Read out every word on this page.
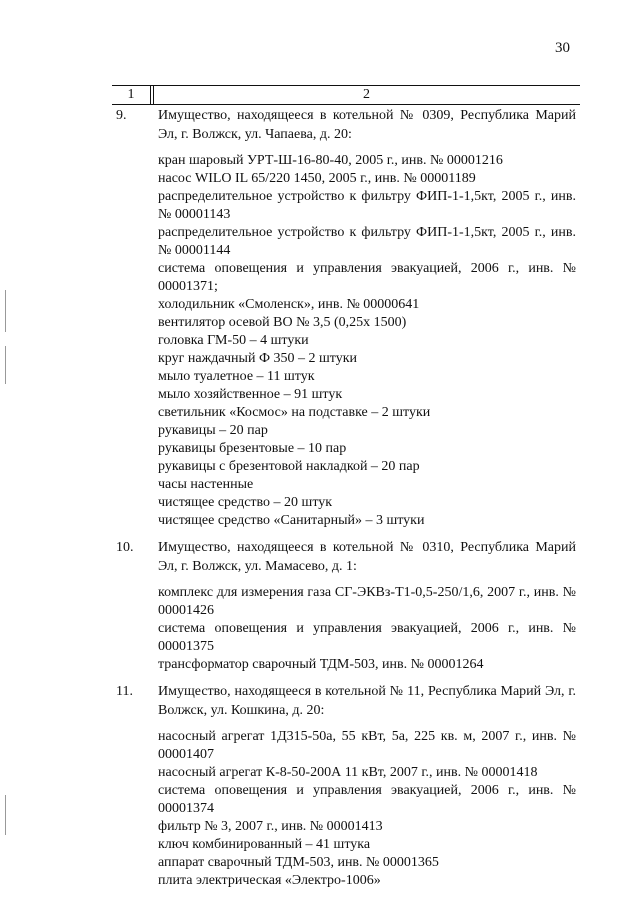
30
1	2
9. Имущество, находящееся в котельной № 0309, Республика Марий Эл, г. Волжск, ул. Чапаева, д. 20:
кран шаровый УРТ-Ш-16-80-40, 2005 г., инв. № 00001216
насос WILO IL 65/220 1450, 2005 г., инв. № 00001189
распределительное устройство к фильтру ФИП-1-1,5кт, 2005 г., инв. № 00001143
распределительное устройство к фильтру ФИП-1-1,5кт, 2005 г., инв. № 00001144
система оповещения и управления эвакуацией, 2006 г., инв. № 00001371;
холодильник «Смоленск», инв. № 00000641
вентилятор осевой ВО № 3,5 (0,25х 1500)
головка ГМ-50 – 4 штуки
круг наждачный Ф 350 – 2 штуки
мыло туалетное – 11 штук
мыло хозяйственное – 91 штук
светильник «Космос» на подставке – 2 штуки
рукавицы – 20 пар
рукавицы брезентовые – 10 пар
рукавицы с брезентовой накладкой – 20 пар
часы настенные
чистящее средство – 20 штук
чистящее средство «Санитарный» – 3 штуки
10. Имущество, находящееся в котельной № 0310, Республика Марий Эл, г. Волжск, ул. Мамасево, д. 1:
комплекс для измерения газа СГ-ЭКВз-Т1-0,5-250/1,6, 2007 г., инв. № 00001426
система оповещения и управления эвакуацией, 2006 г., инв. № 00001375
трансформатор сварочный ТДМ-503, инв. № 00001264
11. Имущество, находящееся в котельной № 11, Республика Марий Эл, г. Волжск, ул. Кошкина, д. 20:
насосный агрегат 1Д315-50а, 55 кВт, 5а, 225 кв. м, 2007 г., инв. № 00001407
насосный агрегат К-8-50-200А 11 кВт, 2007 г., инв. № 00001418
система оповещения и управления эвакуацией, 2006 г., инв. № 00001374
фильтр № 3, 2007 г., инв. № 00001413
ключ комбинированный – 41 штука
аппарат сварочный ТДМ-503, инв. № 00001365
плита электрическая «Электро-1006»
